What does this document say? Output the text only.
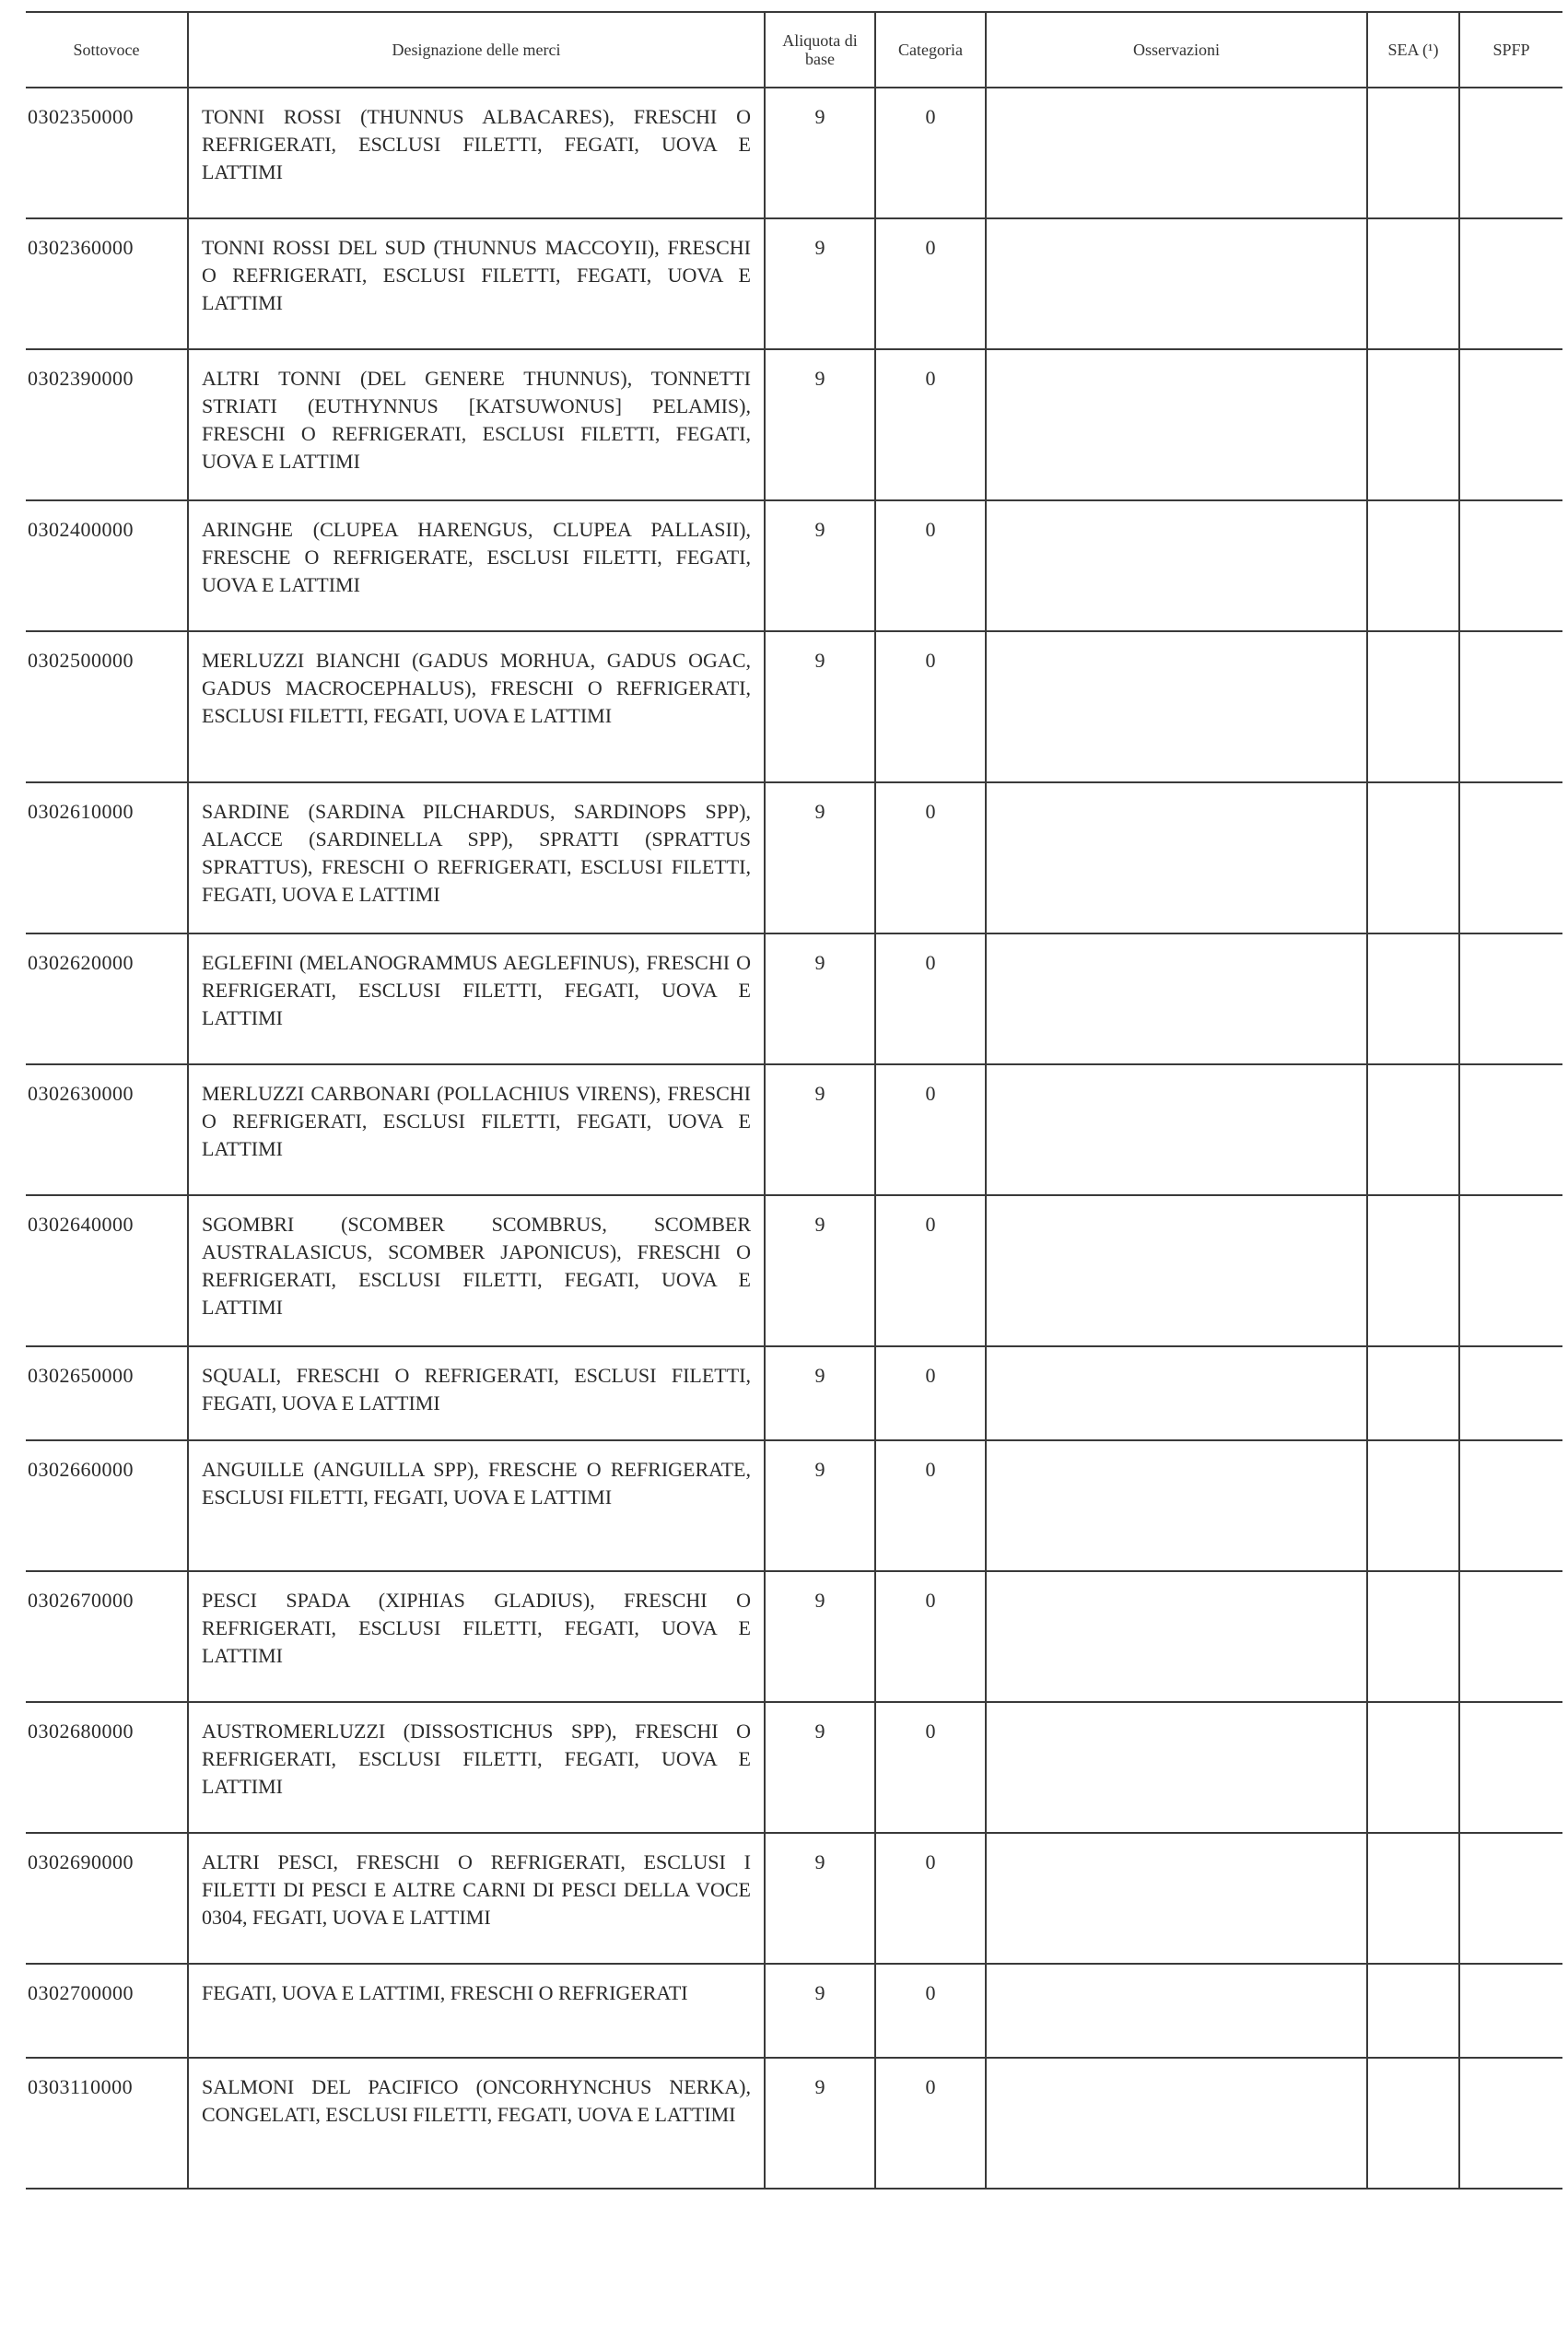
Sottovoce	Designazione delle merci	Aliquota di base	Categoria	Osservazioni	SEA (¹)	SPFP
0302350000	TONNI ROSSI (THUNNUS ALBACARES), FRESCHI O REFRIGERATI, ESCLUSI FILETTI, FEGATI, UOVA E LATTIMI	9	0			
0302360000	TONNI ROSSI DEL SUD (THUNNUS MACCOYII), FRESCHI O REFRIGERATI, ESCLUSI FILETTI, FEGATI, UOVA E LATTIMI	9	0			
0302390000	ALTRI TONNI (DEL GENERE THUNNUS), TONNETTI STRIATI (EUTHYNNUS [KATSUWONUS] PELAMIS), FRESCHI O REFRIGERATI, ESCLUSI FILETTI, FEGATI, UOVA E LATTIMI	9	0			
0302400000	ARINGHE (CLUPEA HARENGUS, CLUPEA PALLASII), FRESCHE O REFRIGERATE, ESCLUSI FILETTI, FEGATI, UOVA E LATTIMI	9	0			
0302500000	MERLUZZI BIANCHI (GADUS MORHUA, GADUS OGAC, GADUS MACROCEPHALUS), FRESCHI O REFRIGERATI, ESCLUSI FILETTI, FEGATI, UOVA E LATTIMI	9	0			
0302610000	SARDINE (SARDINA PILCHARDUS, SARDINOPS SPP), ALACCE (SARDINELLA SPP), SPRATTI (SPRATTUS SPRATTUS), FRESCHI O REFRIGERATI, ESCLUSI FILETTI, FEGATI, UOVA E LATTIMI	9	0			
0302620000	EGLEFINI (MELANOGRAMMUS AEGLEFINUS), FRESCHI O REFRIGERATI, ESCLUSI FILETTI, FEGATI, UOVA E LATTIMI	9	0			
0302630000	MERLUZZI CARBONARI (POLLACHIUS VIRENS), FRESCHI O REFRIGERATI, ESCLUSI FILETTI, FEGATI, UOVA E LATTIMI	9	0			
0302640000	SGOMBRI (SCOMBER SCOMBRUS, SCOMBER AUSTRALASICUS, SCOMBER JAPONICUS), FRESCHI O REFRIGERATI, ESCLUSI FILETTI, FEGATI, UOVA E LATTIMI	9	0			
0302650000	SQUALI, FRESCHI O REFRIGERATI, ESCLUSI FILETTI, FEGATI, UOVA E LATTIMI	9	0			
0302660000	ANGUILLE (ANGUILLA SPP), FRESCHE O REFRIGERATE, ESCLUSI FILETTI, FEGATI, UOVA E LATTIMI	9	0			
0302670000	PESCI SPADA (XIPHIAS GLADIUS), FRESCHI O REFRIGERATI, ESCLUSI FILETTI, FEGATI, UOVA E LATTIMI	9	0			
0302680000	AUSTROMERLUZZI (DISSOSTICHUS SPP), FRESCHI O REFRIGERATI, ESCLUSI FILETTI, FEGATI, UOVA E LATTIMI	9	0			
0302690000	ALTRI PESCI, FRESCHI O REFRIGERATI, ESCLUSI I FILETTI DI PESCI E ALTRE CARNI DI PESCI DELLA VOCE 0304, FEGATI, UOVA E LATTIMI	9	0			
0302700000	FEGATI, UOVA E LATTIMI, FRESCHI O REFRIGERATI	9	0			
0303110000	SALMONI DEL PACIFICO (ONCORHYNCHUS NERKA), CONGELATI, ESCLUSI FILETTI, FEGATI, UOVA E LATTIMI	9	0			
